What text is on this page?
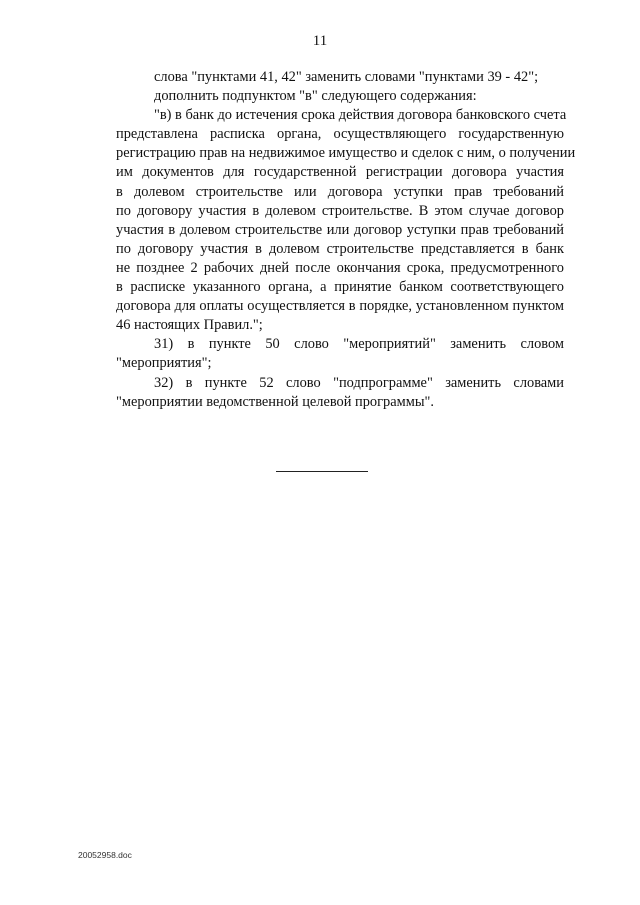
11
слова "пунктами 41, 42" заменить словами "пунктами 39 - 42";
дополнить подпунктом "в" следующего содержания:
"в) в банк до истечения срока действия договора банковского счета
представлена расписка органа, осуществляющего государственную
регистрацию прав на недвижимое имущество и сделок с ним, о получении
им документов для государственной регистрации договора участия
в долевом строительстве или договора уступки прав требований
по договору участия в долевом строительстве. В этом случае договор
участия в долевом строительстве или договор уступки прав требований
по договору участия в долевом строительстве представляется в банк
не позднее 2 рабочих дней после окончания срока, предусмотренного
в расписке указанного органа, а принятие банком соответствующего
договора для оплаты осуществляется в порядке, установленном пунктом
46 настоящих Правил.";
31) в пункте 50 слово "мероприятий" заменить словом
"мероприятия";
32) в пункте 52 слово "подпрограмме" заменить словами
"мероприятии ведомственной целевой программы".
20052958.doc
